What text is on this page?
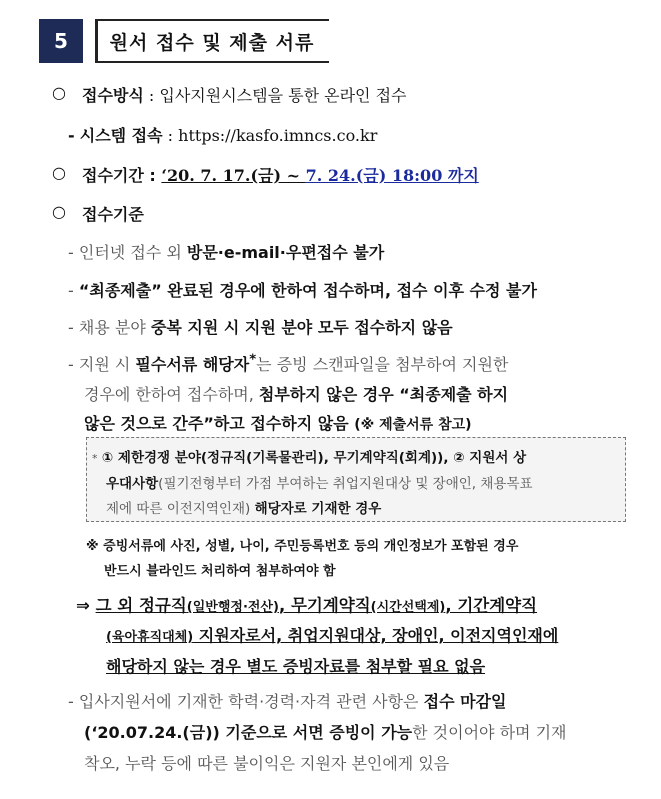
5	원서 접수 및 제출 서류
○ 접수방식 : 입사지원시스템을 통한 온라인 접수
- 시스템 접속 : https://kasfo.imncs.co.kr
○ 접수기간 : ‘20. 7. 17.(금) ~ 7. 24.(금) 18:00 까지
○ 접수기준
- 인터넷 접수 외 방문·e-mail·우편접수 불가
- “최종제출” 완료된 경우에 한하여 접수하며, 접수 이후 수정 불가
- 채용 분야 중복 지원 시 지원 분야 모두 접수하지 않음
- 지원 시 필수서류 해당자*는 증빙 스캔파일을 첨부하여 지원한
경우에 한하여 접수하며, 첨부하지 않은 경우 “최종제출 하지
않은 것으로 간주”하고 접수하지 않음 (※ 제출서류 참고)
* ① 제한경쟁 분야(정규직(기록물관리), 무기계약직(회계)), ② 지원서 상
우대사항(필기전형부터 가점 부여하는 취업지원대상 및 장애인, 채용목표
제에 따른 이전지역인재) 해당자로 기재한 경우
※ 증빙서류에 사진, 성별, 나이, 주민등록번호 등의 개인정보가 포함된 경우
반드시 블라인드 처리하여 첨부하여야 함
⇒ 그 외 정규직(일반행정·전산), 무기계약직(시간선택제), 기간계약직
(육아휴직대체) 지원자로서, 취업지원대상, 장애인, 이전지역인재에
해당하지 않는 경우 별도 증빙자료를 첨부할 필요 없음
- 입사지원서에 기재한 학력·경력·자격 관련 사항은 접수 마감일
(‘20.07.24.(금)) 기준으로 서면 증빙이 가능한 것이어야 하며 기재
착오, 누락 등에 따른 불이익은 지원자 본인에게 있음
